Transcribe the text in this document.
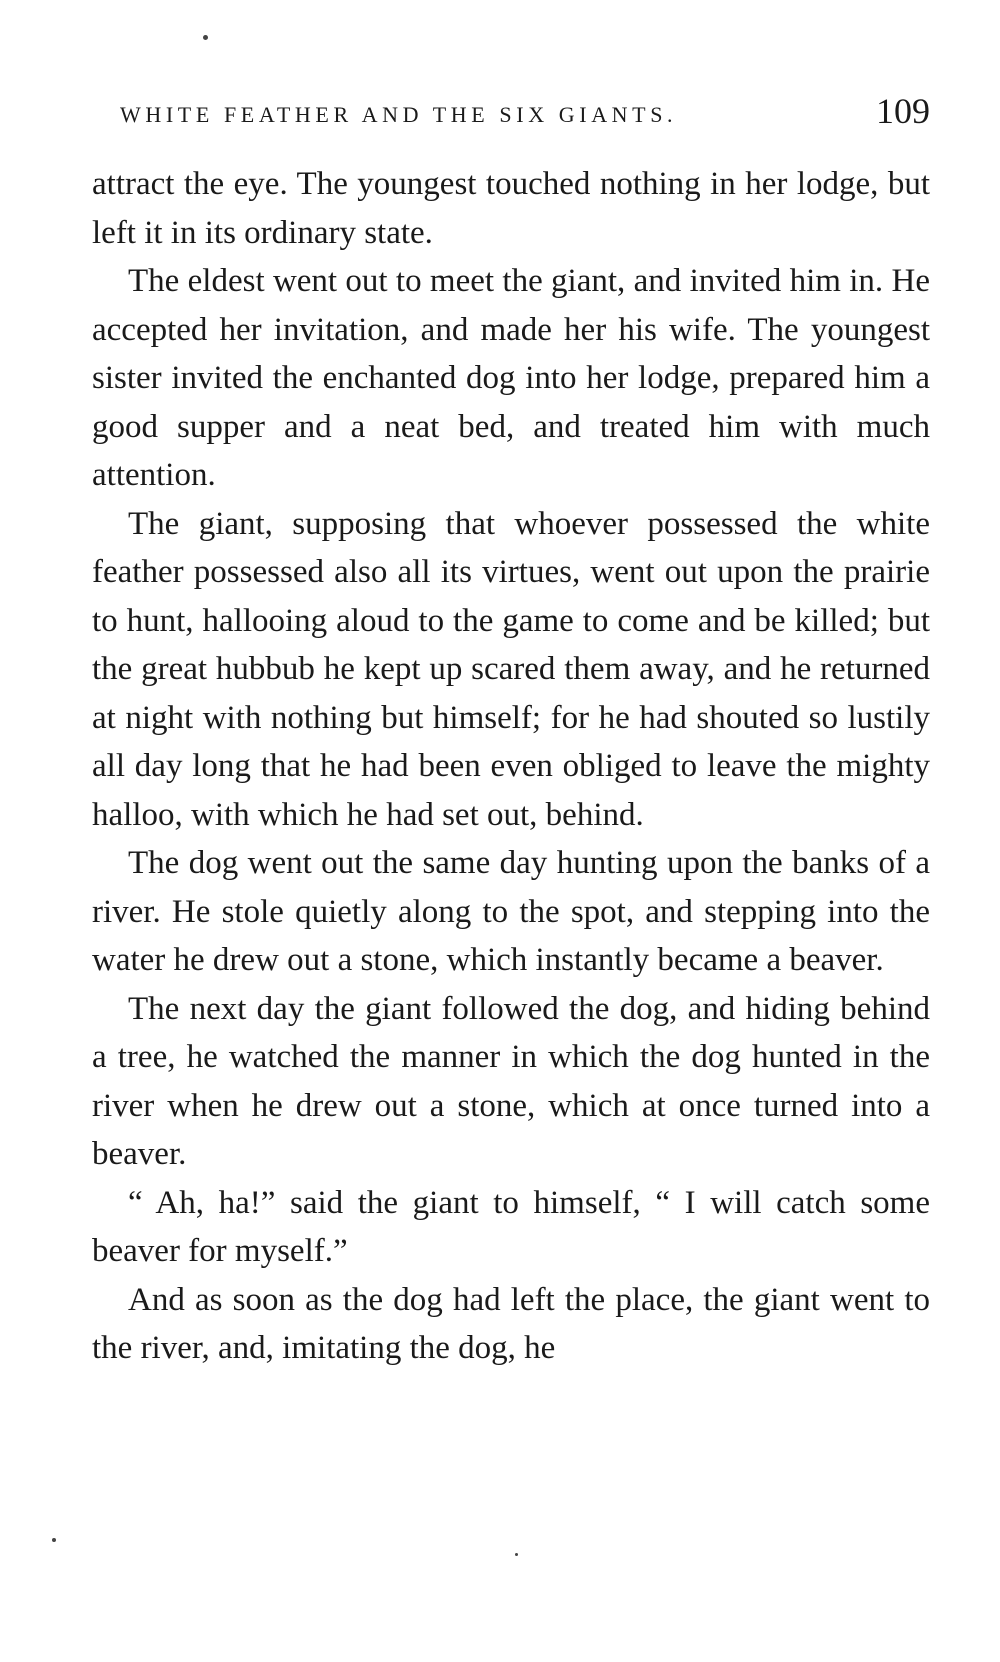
WHITE FEATHER AND THE SIX GIANTS.	109

attract the eye. The youngest touched nothing in her lodge, but left it in its ordinary state.

The eldest went out to meet the giant, and invited him in. He accepted her invitation, and made her his wife. The youngest sister invited the enchanted dog into her lodge, prepared him a good supper and a neat bed, and treated him with much attention.

The giant, supposing that whoever possessed the white feather possessed also all its virtues, went out upon the prairie to hunt, hallooing aloud to the game to come and be killed; but the great hubbub he kept up scared them away, and he returned at night with nothing but himself; for he had shouted so lustily all day long that he had been even obliged to leave the mighty halloo, with which he had set out, behind.

The dog went out the same day hunting upon the banks of a river. He stole quietly along to the spot, and stepping into the water he drew out a stone, which instantly became a beaver.

The next day the giant followed the dog, and hiding behind a tree, he watched the manner in which the dog hunted in the river when he drew out a stone, which at once turned into a beaver.

“ Ah, ha!” said the giant to himself, “ I will catch some beaver for myself.”

And as soon as the dog had left the place, the giant went to the river, and, imitating the dog, he
